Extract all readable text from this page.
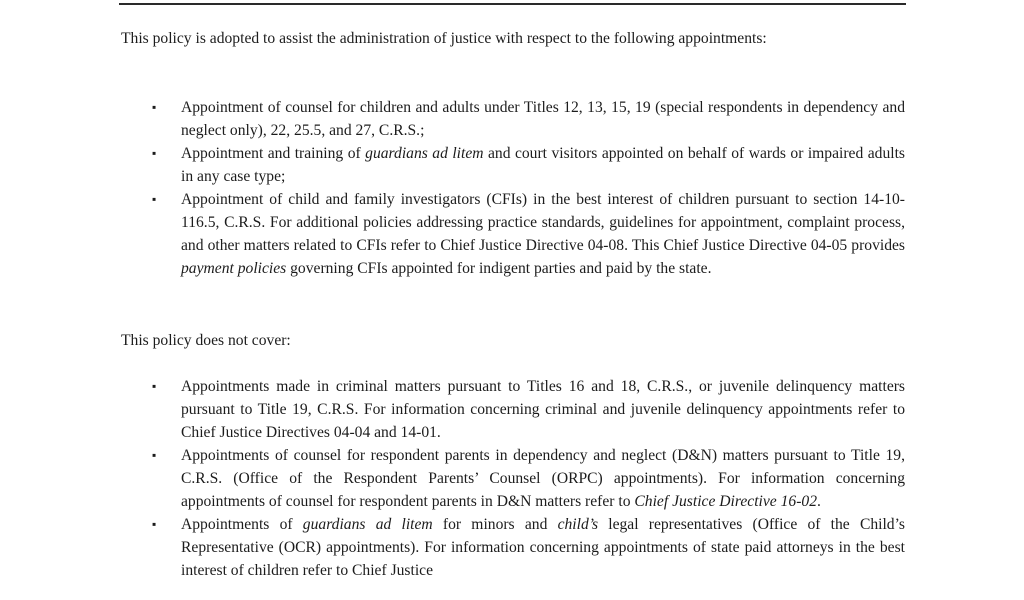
This policy is adopted to assist the administration of justice with respect to the following appointments:

▪ Appointment of counsel for children and adults under Titles 12, 13, 15, 19 (special respondents in dependency and neglect only), 22, 25.5, and 27, C.R.S.;
▪ Appointment and training of guardians ad litem and court visitors appointed on behalf of wards or impaired adults in any case type;
▪ Appointment of child and family investigators (CFIs) in the best interest of children pursuant to section 14-10-116.5, C.R.S. For additional policies addressing practice standards, guidelines for appointment, complaint process, and other matters related to CFIs refer to Chief Justice Directive 04-08. This Chief Justice Directive 04-05 provides payment policies governing CFIs appointed for indigent parties and paid by the state.

This policy does not cover:

▪ Appointments made in criminal matters pursuant to Titles 16 and 18, C.R.S., or juvenile delinquency matters pursuant to Title 19, C.R.S. For information concerning criminal and juvenile delinquency appointments refer to Chief Justice Directives 04-04 and 14-01.
▪ Appointments of counsel for respondent parents in dependency and neglect (D&N) matters pursuant to Title 19, C.R.S. (Office of the Respondent Parents’ Counsel (ORPC) appointments). For information concerning appointments of counsel for respondent parents in D&N matters refer to Chief Justice Directive 16-02.
▪ Appointments of guardians ad litem for minors and child’s legal representatives (Office of the Child’s Representative (OCR) appointments). For information concerning appointments of state paid attorneys in the best interest of children refer to Chief Justice
